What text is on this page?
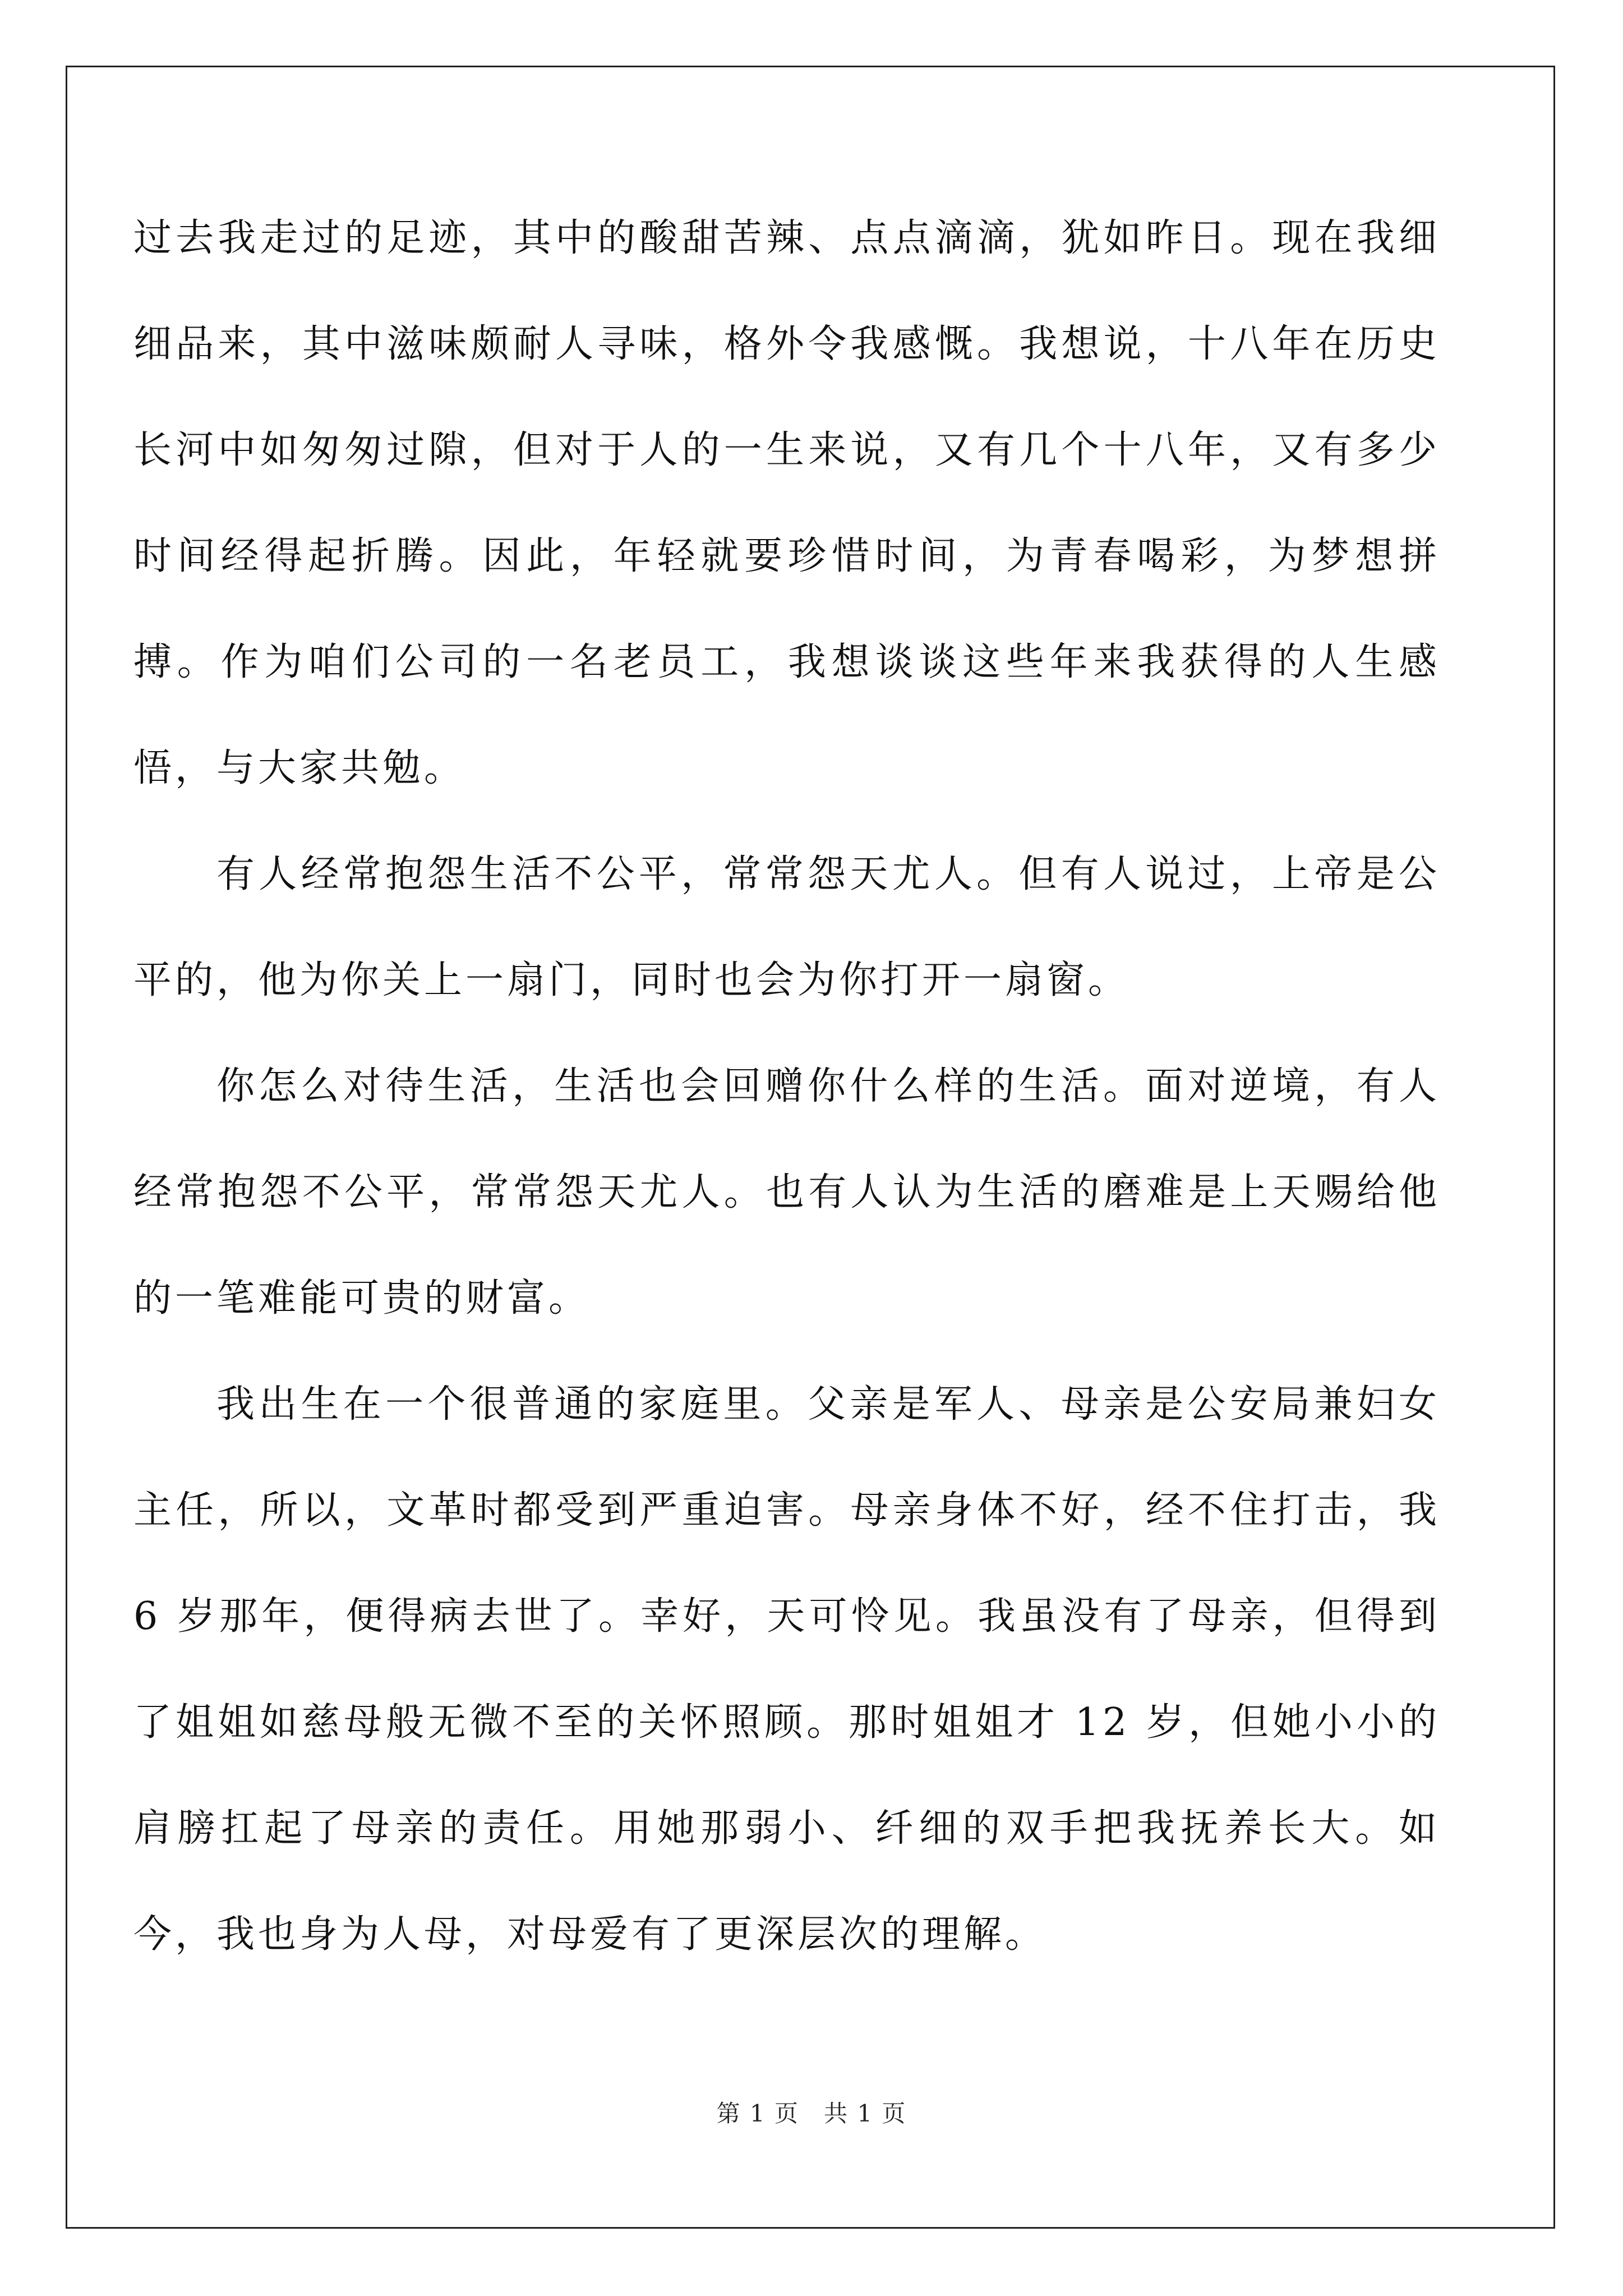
过去我走过的足迹，其中的酸甜苦辣、点点滴滴，犹如昨日。现在我细细品来，其中滋味颇耐人寻味，格外令我感慨。我想说，十八年在历史长河中如匆匆过隙，但对于人的一生来说，又有几个十八年，又有多少时间经得起折腾。因此，年轻就要珍惜时间，为青春喝彩，为梦想拼搏。作为咱们公司的一名老员工，我想谈谈这些年来我获得的人生感悟，与大家共勉。

有人经常抱怨生活不公平，常常怨天尤人。但有人说过，上帝是公平的，他为你关上一扇门，同时也会为你打开一扇窗。

你怎么对待生活，生活也会回赠你什么样的生活。面对逆境，有人经常抱怨不公平，常常怨天尤人。也有人认为生活的磨难是上天赐给他的一笔难能可贵的财富。

我出生在一个很普通的家庭里。父亲是军人、母亲是公安局兼妇女主任，所以，文革时都受到严重迫害。母亲身体不好，经不住打击，我 6 岁那年，便得病去世了。幸好，天可怜见。我虽没有了母亲，但得到了姐姐如慈母般无微不至的关怀照顾。那时姐姐才 12 岁，但她小小的肩膀扛起了母亲的责任。用她那弱小、纤细的双手把我抚养长大。如今，我也身为人母，对母爱有了更深层次的理解。

第 1 页　共 1 页
